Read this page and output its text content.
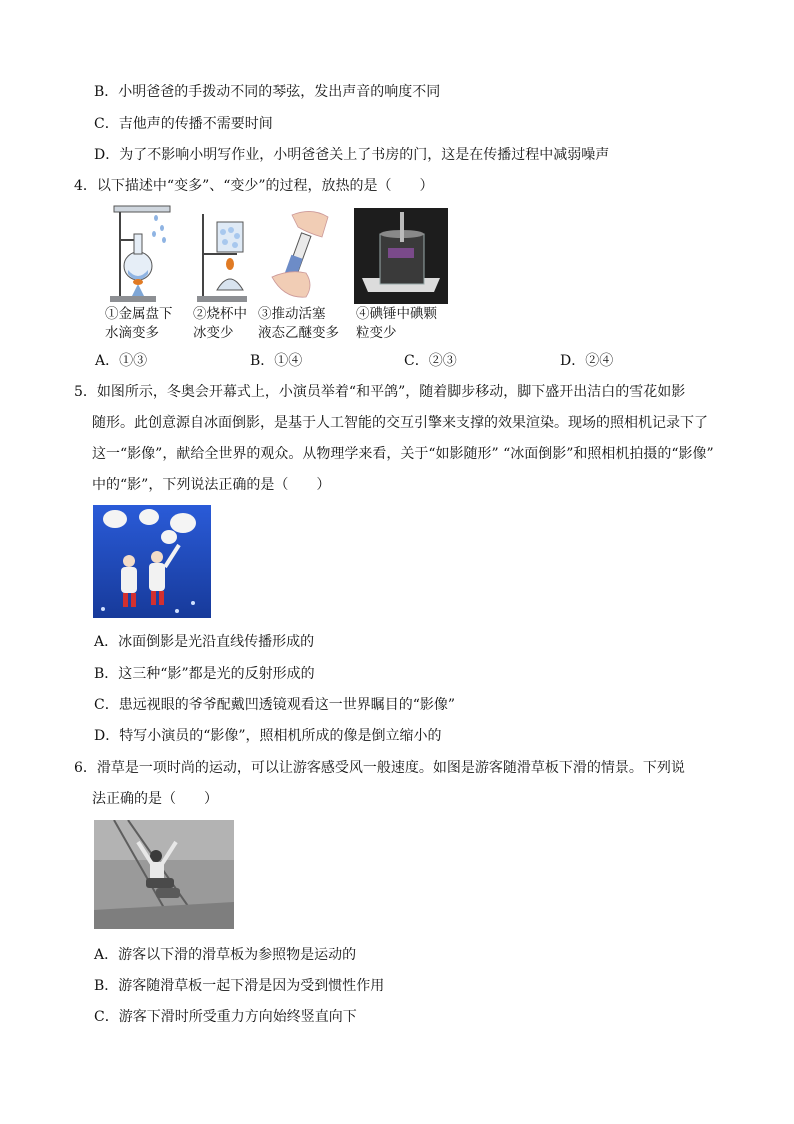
B．小明爸爸的手拨动不同的琴弦，发出声音的响度不同
C．吉他声的传播不需要时间
D．为了不影响小明写作业，小明爸爸关上了书房的门，这是在传播过程中减弱噪声
4．以下描述中“变多”、“变少”的过程，放热的是（　　）
①金属盘下
水滴变多
②烧杯中
冰变少
③推动活塞
液态乙醚变多
④碘锤中碘颗
粒变少
A．①③	B．①④	C．②③	D．②④
5．如图所示，冬奥会开幕式上，小演员举着“和平鸽”，随着脚步移动，脚下盛开出洁白的雪花如影
随形。此创意源自冰面倒影，是基于人工智能的交互引擎来支撑的效果渲染。现场的照相机记录下了
这一“影像”，献给全世界的观众。从物理学来看，关于“如影随形” “冰面倒影”和照相机拍摄的“影像”
中的“影”，下列说法正确的是（　　）
A．冰面倒影是光沿直线传播形成的
B．这三种“影”都是光的反射形成的
C．患远视眼的爷爷配戴凹透镜观看这一世界瞩目的“影像”
D．特写小演员的“影像”，照相机所成的像是倒立缩小的
6．滑草是一项时尚的运动，可以让游客感受风一般速度。如图是游客随滑草板下滑的情景。下列说
法正确的是（　　）
A．游客以下滑的滑草板为参照物是运动的
B．游客随滑草板一起下滑是因为受到惯性作用
C．游客下滑时所受重力方向始终竖直向下
